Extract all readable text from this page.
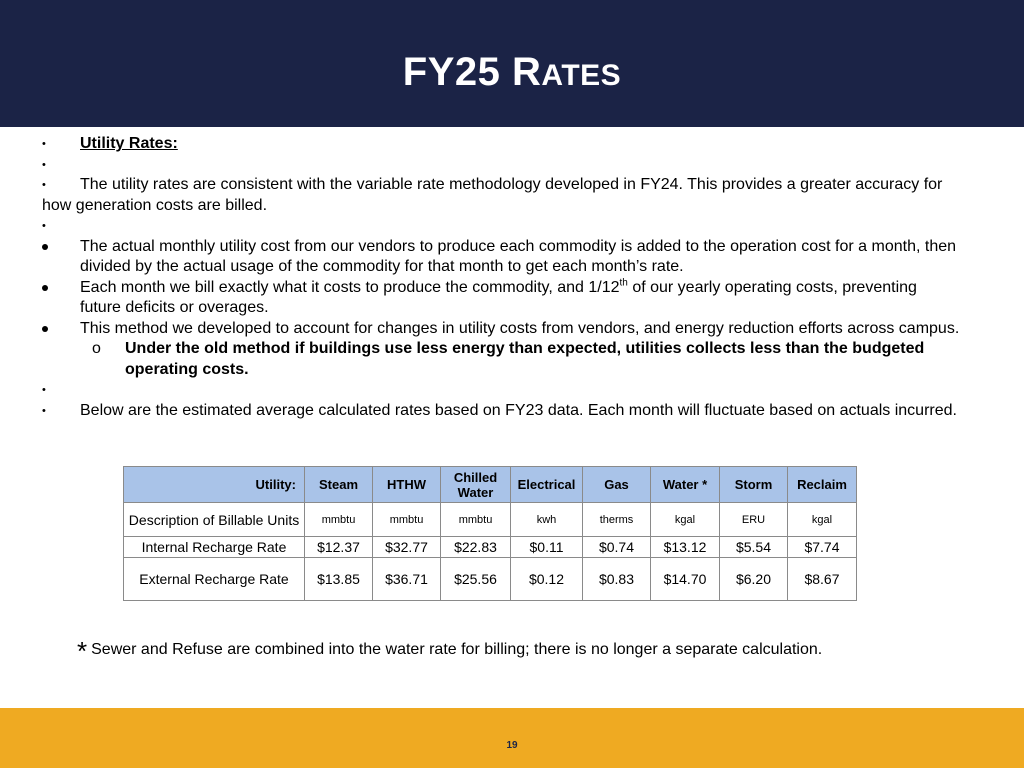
FY25 RATES
•	Utility Rates:
•
•	The utility rates are consistent with the variable rate methodology developed in FY24. This provides a greater accuracy for how generation costs are billed.
•
The actual monthly utility cost from our vendors to produce each commodity is added to the operation cost for a month, then divided by the actual usage of the commodity for that month to get each month’s rate.
Each month we bill exactly what it costs to produce the commodity, and 1/12th of our yearly operating costs, preventing future deficits or overages.
This method we developed to account for changes in utility costs from vendors, and energy reduction efforts across campus.
o Under the old method if buildings use less energy than expected, utilities collects less than the budgeted operating costs.
•
•	Below are the estimated average calculated rates based on FY23 data. Each month will fluctuate based on actuals incurred.
Utility:	Steam	HTHW	Chilled Water	Electrical	Gas	Water *	Storm	Reclaim
Description of Billable Units	mmbtu	mmbtu	mmbtu	kwh	therms	kgal	ERU	kgal
Internal Recharge Rate	$12.37	$32.77	$22.83	$0.11	$0.74	$13.12	$5.54	$7.74
External Recharge Rate	$13.85	$36.71	$25.56	$0.12	$0.83	$14.70	$6.20	$8.67
* Sewer and Refuse are combined into the water rate for billing; there is no longer a separate calculation.
19
